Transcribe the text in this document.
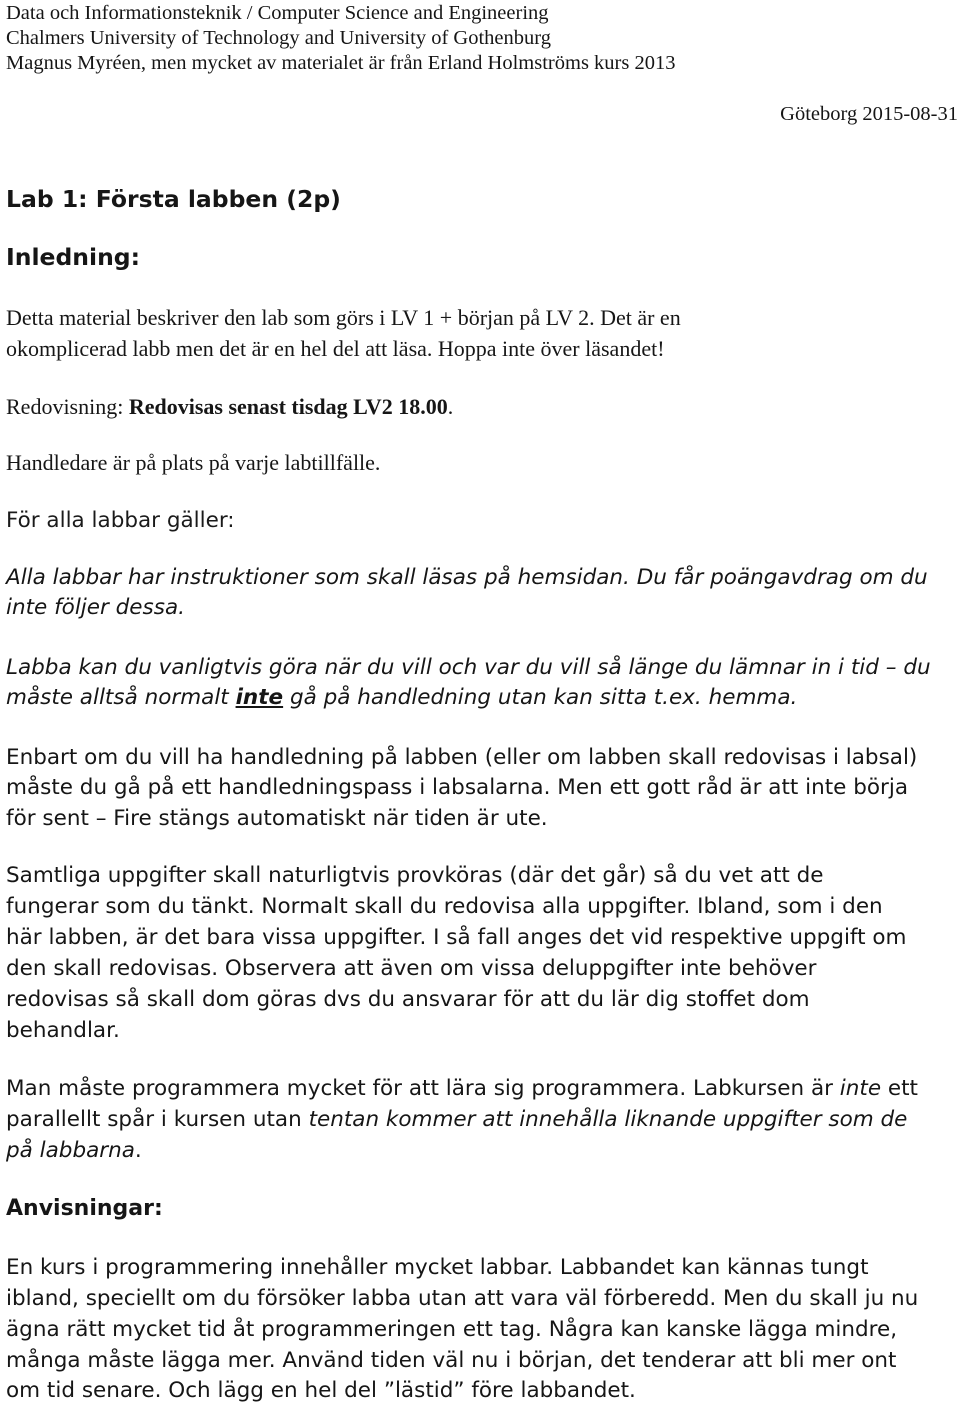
Data och Informationsteknik / Computer Science and Engineering
Chalmers University of Technology and University of Gothenburg
Magnus Myréen, men mycket av materialet är från Erland Holmströms kurs 2013
Göteborg 2015-08-31
Lab 1: Första labben (2p)
Inledning:
Detta material beskriver den lab som görs i LV 1 + början på LV 2. Det är en
okomplicerad labb men det är en hel del att läsa. Hoppa inte över läsandet!
Redovisning: Redovisas senast tisdag LV2 18.00.
Handledare är på plats på varje labtillfälle.
För alla labbar gäller:
Alla labbar har instruktioner som skall läsas på hemsidan. Du får poängavdrag om du
inte följer dessa.
Labba kan du vanligtvis göra när du vill och var du vill så länge du lämnar in i tid – du
måste alltså normalt inte gå på handledning utan kan sitta t.ex. hemma.
Enbart om du vill ha handledning på labben (eller om labben skall redovisas i labsal)
måste du gå på ett handledningspass i labsalarna. Men ett gott råd är att inte börja
för sent – Fire stängs automatiskt när tiden är ute.
Samtliga uppgifter skall naturligtvis provköras (där det går) så du vet att de
fungerar som du tänkt. Normalt skall du redovisa alla uppgifter. Ibland, som i den
här labben, är det bara vissa uppgifter. I så fall anges det vid respektive uppgift om
den skall redovisas. Observera att även om vissa deluppgifter inte behöver
redovisas så skall dom göras dvs du ansvarar för att du lär dig stoffet dom
behandlar.
Man måste programmera mycket för att lära sig programmera. Labkursen är inte ett
parallellt spår i kursen utan tentan kommer att innehålla liknande uppgifter som de
på labbarna.
Anvisningar:
En kurs i programmering innehåller mycket labbar. Labbandet kan kännas tungt
ibland, speciellt om du försöker labba utan att vara väl förberedd. Men du skall ju nu
ägna rätt mycket tid åt programmeringen ett tag. Några kan kanske lägga mindre,
många måste lägga mer. Använd tiden väl nu i början, det tenderar att bli mer ont
om tid senare. Och lägg en hel del ”lästid” före labbandet.
